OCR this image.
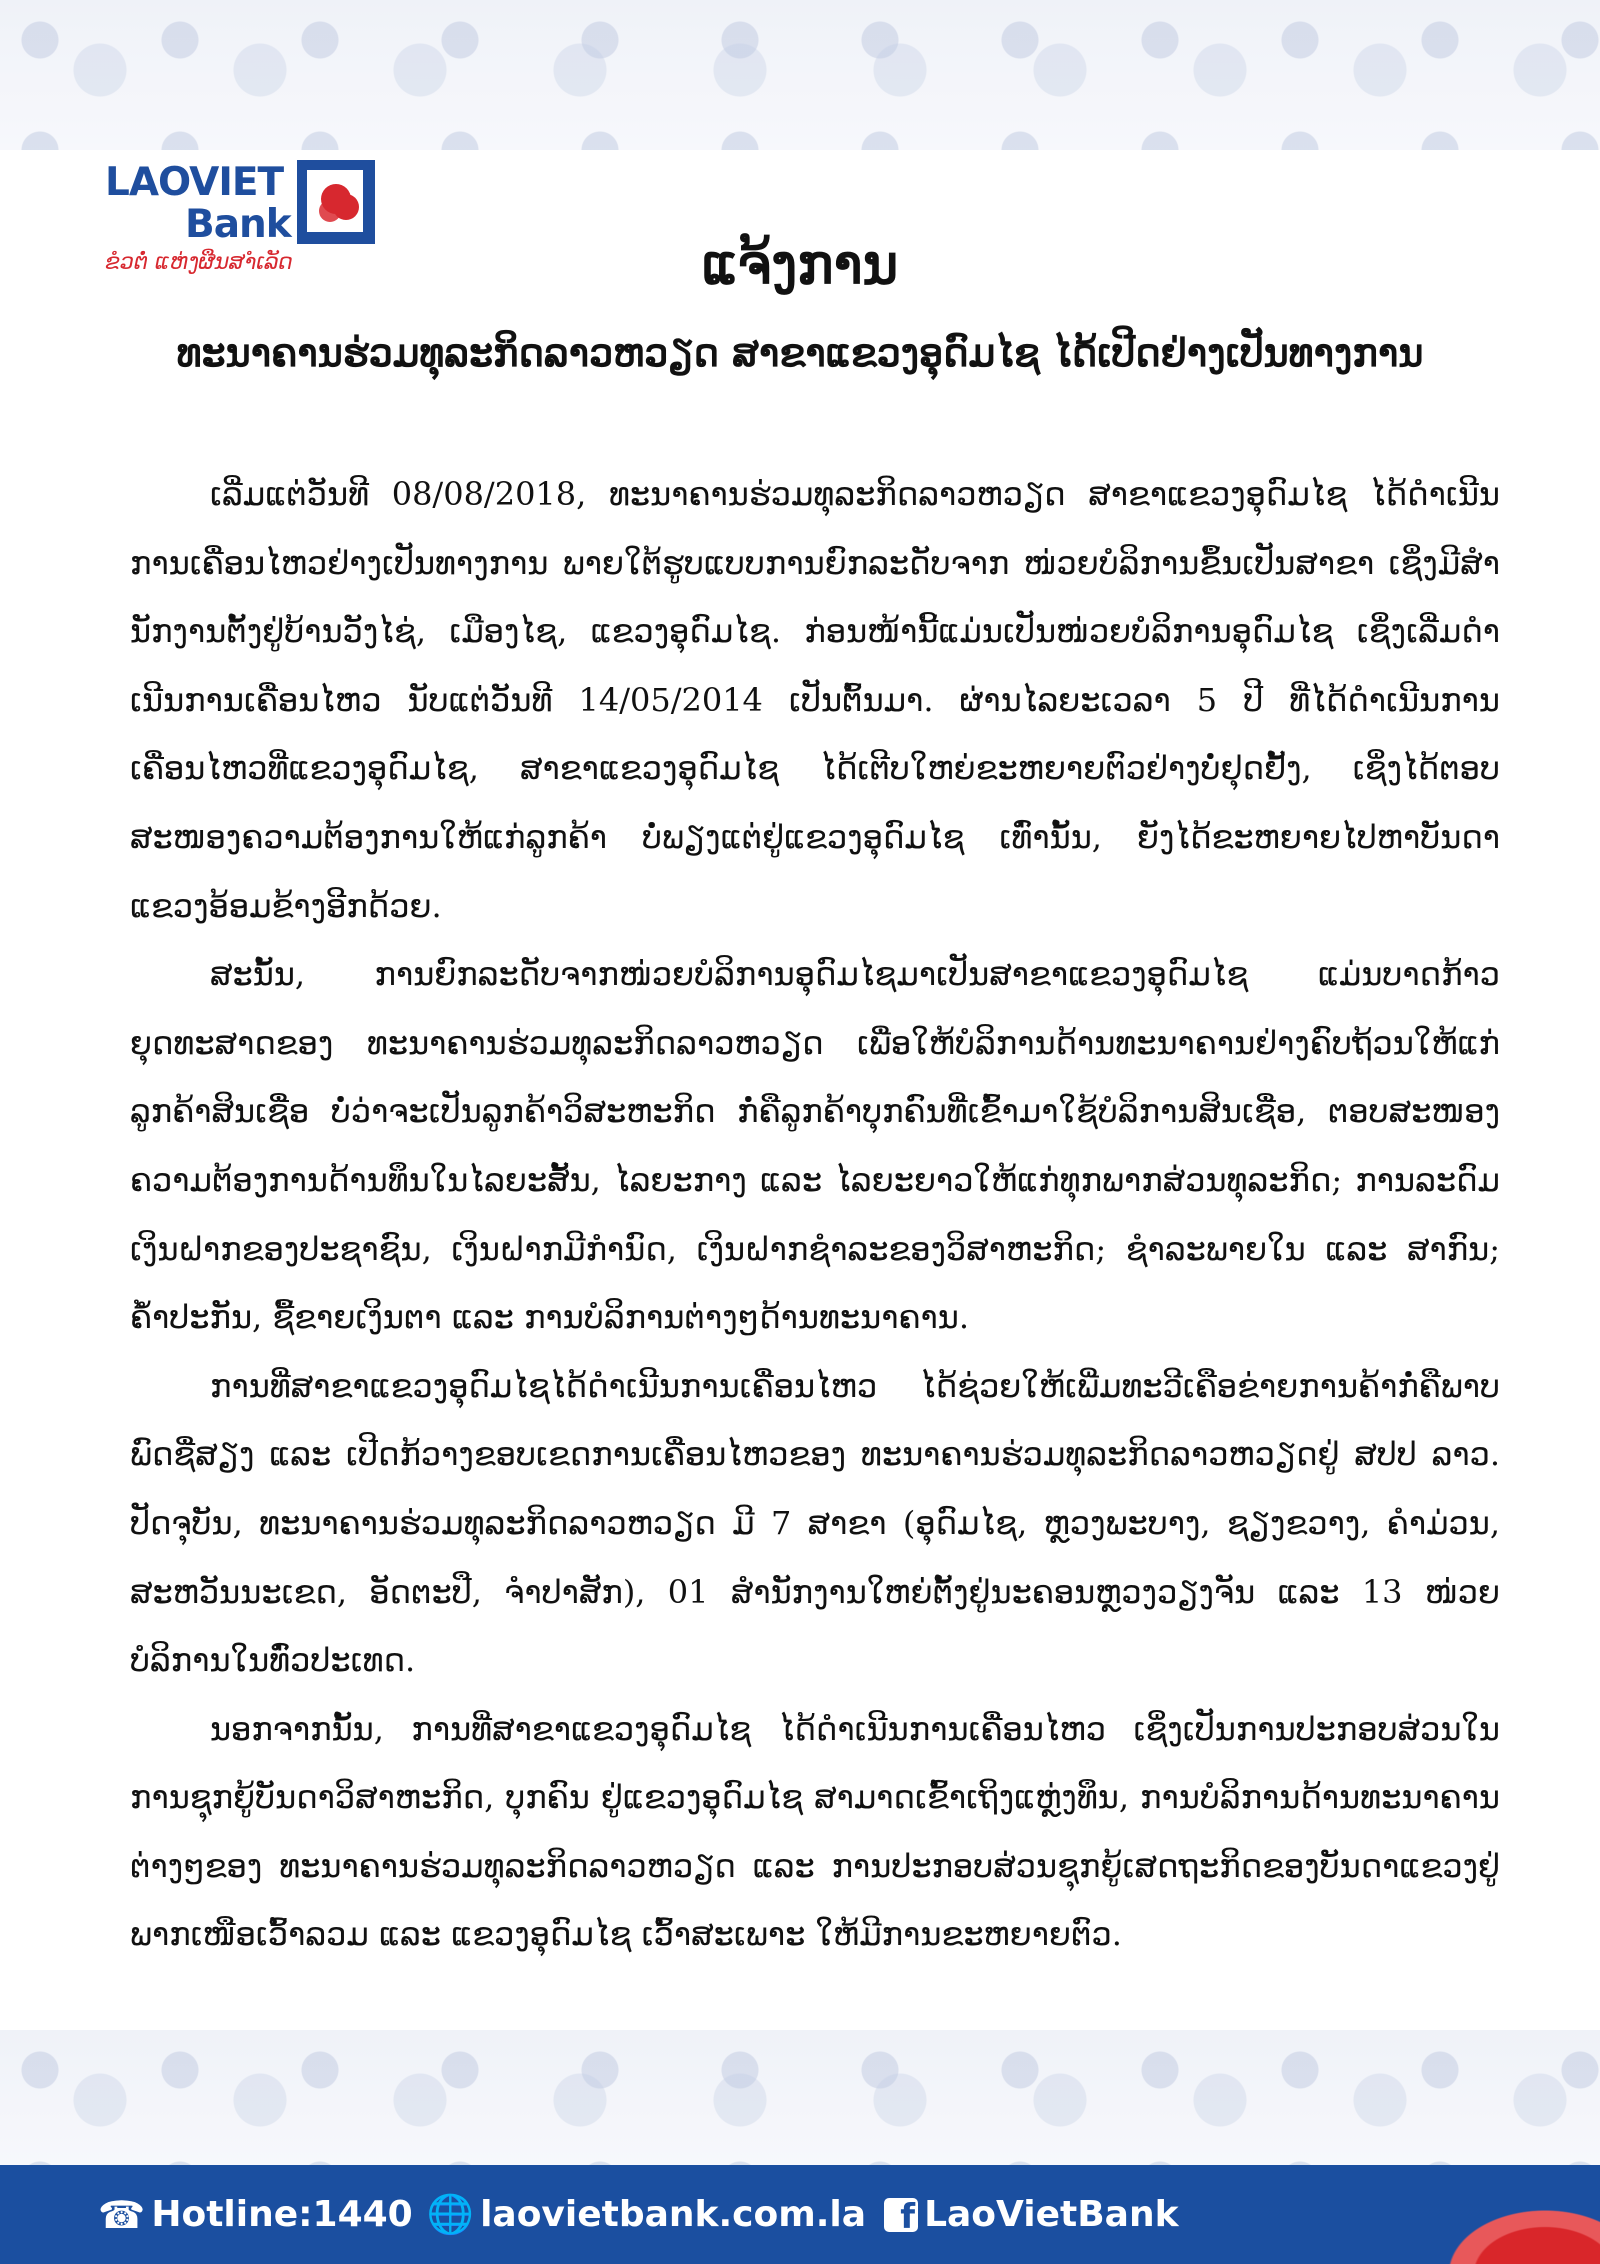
LAOVIET
Bank
ຂໍວຕໍ່ ແຫ່ງຜືນສາໍເລັດ	ແຈ້ງການ
ທະນາຄານຮ່ວມທຸລະກິດລາວຫວຽດ ສາຂາແຂວງອຸດົມໄຊ ໄດ້ເປີດຢ່າງເປັນທາງການ

ເລີ່ມແຕ່ວັນທີ 08/08/2018, ທະນາຄານຮ່ວມທຸລະກິດລາວຫວຽດ ສາຂາແຂວງອຸດົມໄຊ ໄດ້ດໍາເນີນການເຄື່ອນໄຫວຢ່າງເປັນທາງການ ພາຍໃຕ້ຮູບແບບການຍົກລະດັບຈາກ ໜ່ວຍບໍລິການຂຶ້ນເປັນສາຂາ ເຊິ່ງມີສໍານັກງານຕັ້ງຢູ່ບ້ານວັງໄຊ່, ເມືອງໄຊ, ແຂວງອຸດົມໄຊ. ກ່ອນໜ້ານີ້ແມ່ນເປັນໜ່ວຍບໍລິການອຸດົມໄຊ ເຊິ່ງເລີ່ມດໍາເນີນການເຄື່ອນໄຫວ ນັບແຕ່ວັນທີ 14/05/2014 ເປັນຕົ້ນມາ. ຜ່ານໄລຍະເວລາ 5 ປີ ທີ່ໄດ້ດໍາເນີນການເຄື່ອນໄຫວທີ່ແຂວງອຸດົມໄຊ, ສາຂາແຂວງອຸດົມໄຊ ໄດ້ເຕີບໃຫຍ່ຂະຫຍາຍຕົວຢ່າງບໍ່ຢຸດຢັ້ງ, ເຊິ່ງໄດ້ຕອບສະໜອງຄວາມຕ້ອງການໃຫ້ແກ່ລູກຄ້າ ບໍ່ພຽງແຕ່ຢູ່ແຂວງອຸດົມໄຊ ເທົ່ານັ້ນ, ຍັງໄດ້ຂະຫຍາຍໄປຫາບັນດາແຂວງອ້ອມຂ້າງອີກດ້ວຍ.

ສະນັ້ນ, ການຍົກລະດັບຈາກໜ່ວຍບໍລິການອຸດົມໄຊມາເປັນສາຂາແຂວງອຸດົມໄຊ ແມ່ນບາດກ້າວຍຸດທະສາດຂອງ ທະນາຄານຮ່ວມທຸລະກິດລາວຫວຽດ ເພື່ອໃຫ້ບໍລິການດ້ານທະນາຄານຢ່າງຄົບຖ້ວນໃຫ້ແກ່ລູກຄ້າສິນເຊື່ອ ບໍ່ວ່າຈະເປັນລູກຄ້າວິສະຫະກິດ ກໍ່ຄືລູກຄ້າບຸກຄົນທີ່ເຂົ້າມາໃຊ້ບໍລິການສິນເຊື່ອ, ຕອບສະໜອງຄວາມຕ້ອງການດ້ານທຶນໃນໄລຍະສັ້ນ, ໄລຍະກາງ ແລະ ໄລຍະຍາວໃຫ້ແກ່ທຸກພາກສ່ວນທຸລະກິດ; ການລະດົມເງິນຝາກຂອງປະຊາຊົນ, ເງິນຝາກມີກໍານົດ, ເງິນຝາກຊໍາລະຂອງວິສາຫະກິດ; ຊໍາລະພາຍໃນ ແລະ ສາກົນ; ຄໍ້າປະກັນ, ຊື້ຂາຍເງິນຕາ ແລະ ການບໍລິການຕ່າງໆດ້ານທະນາຄານ.

ການທີ່ສາຂາແຂວງອຸດົມໄຊໄດ້ດໍາເນີນການເຄື່ອນໄຫວ ໄດ້ຊ່ວຍໃຫ້ເພີ່ມທະວີເຄືອຂ່າຍການຄ້າກໍ່ຄືພາບພົດຊື່ສຽງ ແລະ ເປີດກ້ວາງຂອບເຂດການເຄື່ອນໄຫວຂອງ ທະນາຄານຮ່ວມທຸລະກິດລາວຫວຽດຢູ່ ສປປ ລາວ. ປັດຈຸບັນ, ທະນາຄານຮ່ວມທຸລະກິດລາວຫວຽດ ມີ 7 ສາຂາ (ອຸດົມໄຊ, ຫຼວງພະບາງ, ຊຽງຂວາງ, ຄໍາມ່ວນ, ສະຫວັນນະເຂດ, ອັດຕະປື, ຈໍາປາສັກ), 01 ສໍານັກງານໃຫຍ່ຕັ້ງຢູ່ນະຄອນຫຼວງວຽງຈັນ ແລະ 13 ໜ່ວຍບໍລິການໃນທົ່ວປະເທດ.

ນອກຈາກນັ້ນ, ການທີ່ສາຂາແຂວງອຸດົມໄຊ ໄດ້ດໍາເນີນການເຄື່ອນໄຫວ ເຊິ່ງເປັນການປະກອບສ່ວນໃນການຊຸກຍູ້ບັນດາວິສາຫະກິດ, ບຸກຄົນ ຢູ່ແຂວງອຸດົມໄຊ ສາມາດເຂົ້າເຖິງແຫຼ່ງທຶນ, ການບໍລິການດ້ານທະນາຄານຕ່າງໆຂອງ ທະນາຄານຮ່ວມທຸລະກິດລາວຫວຽດ ແລະ ການປະກອບສ່ວນຊຸກຍູ້ເສດຖະກິດຂອງບັນດາແຂວງຢູ່ພາກເໜືອເວົ້າລວມ ແລະ ແຂວງອຸດົມໄຊ ເວົ້າສະເພາະ ໃຫ້ມີການຂະຫຍາຍຕົວ.

☎ Hotline:1440 🌐 laovietbank.com.la	f LaoVietBank
